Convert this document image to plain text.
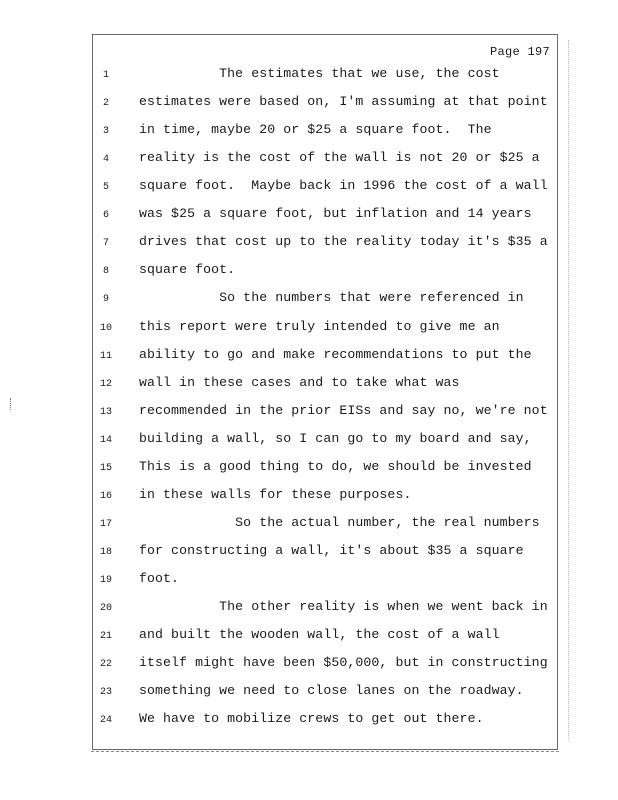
Page 197
1	The estimates that we use, the cost
2	estimates were based on, I'm assuming at that point
3	in time, maybe 20 or $25 a square foot.  The
4	reality is the cost of the wall is not 20 or $25 a
5	square foot.  Maybe back in 1996 the cost of a wall
6	was $25 a square foot, but inflation and 14 years
7	drives that cost up to the reality today it's $35 a
8	square foot.
9	So the numbers that were referenced in
10	this report were truly intended to give me an
11	ability to go and make recommendations to put the
12	wall in these cases and to take what was
13	recommended in the prior EISs and say no, we're not
14	building a wall, so I can go to my board and say,
15	This is a good thing to do, we should be invested
16	in these walls for these purposes.
17	So the actual number, the real numbers
18	for constructing a wall, it's about $35 a square
19	foot.
20	The other reality is when we went back in
21	and built the wooden wall, the cost of a wall
22	itself might have been $50,000, but in constructing
23	something we need to close lanes on the roadway.
24	We have to mobilize crews to get out there.
